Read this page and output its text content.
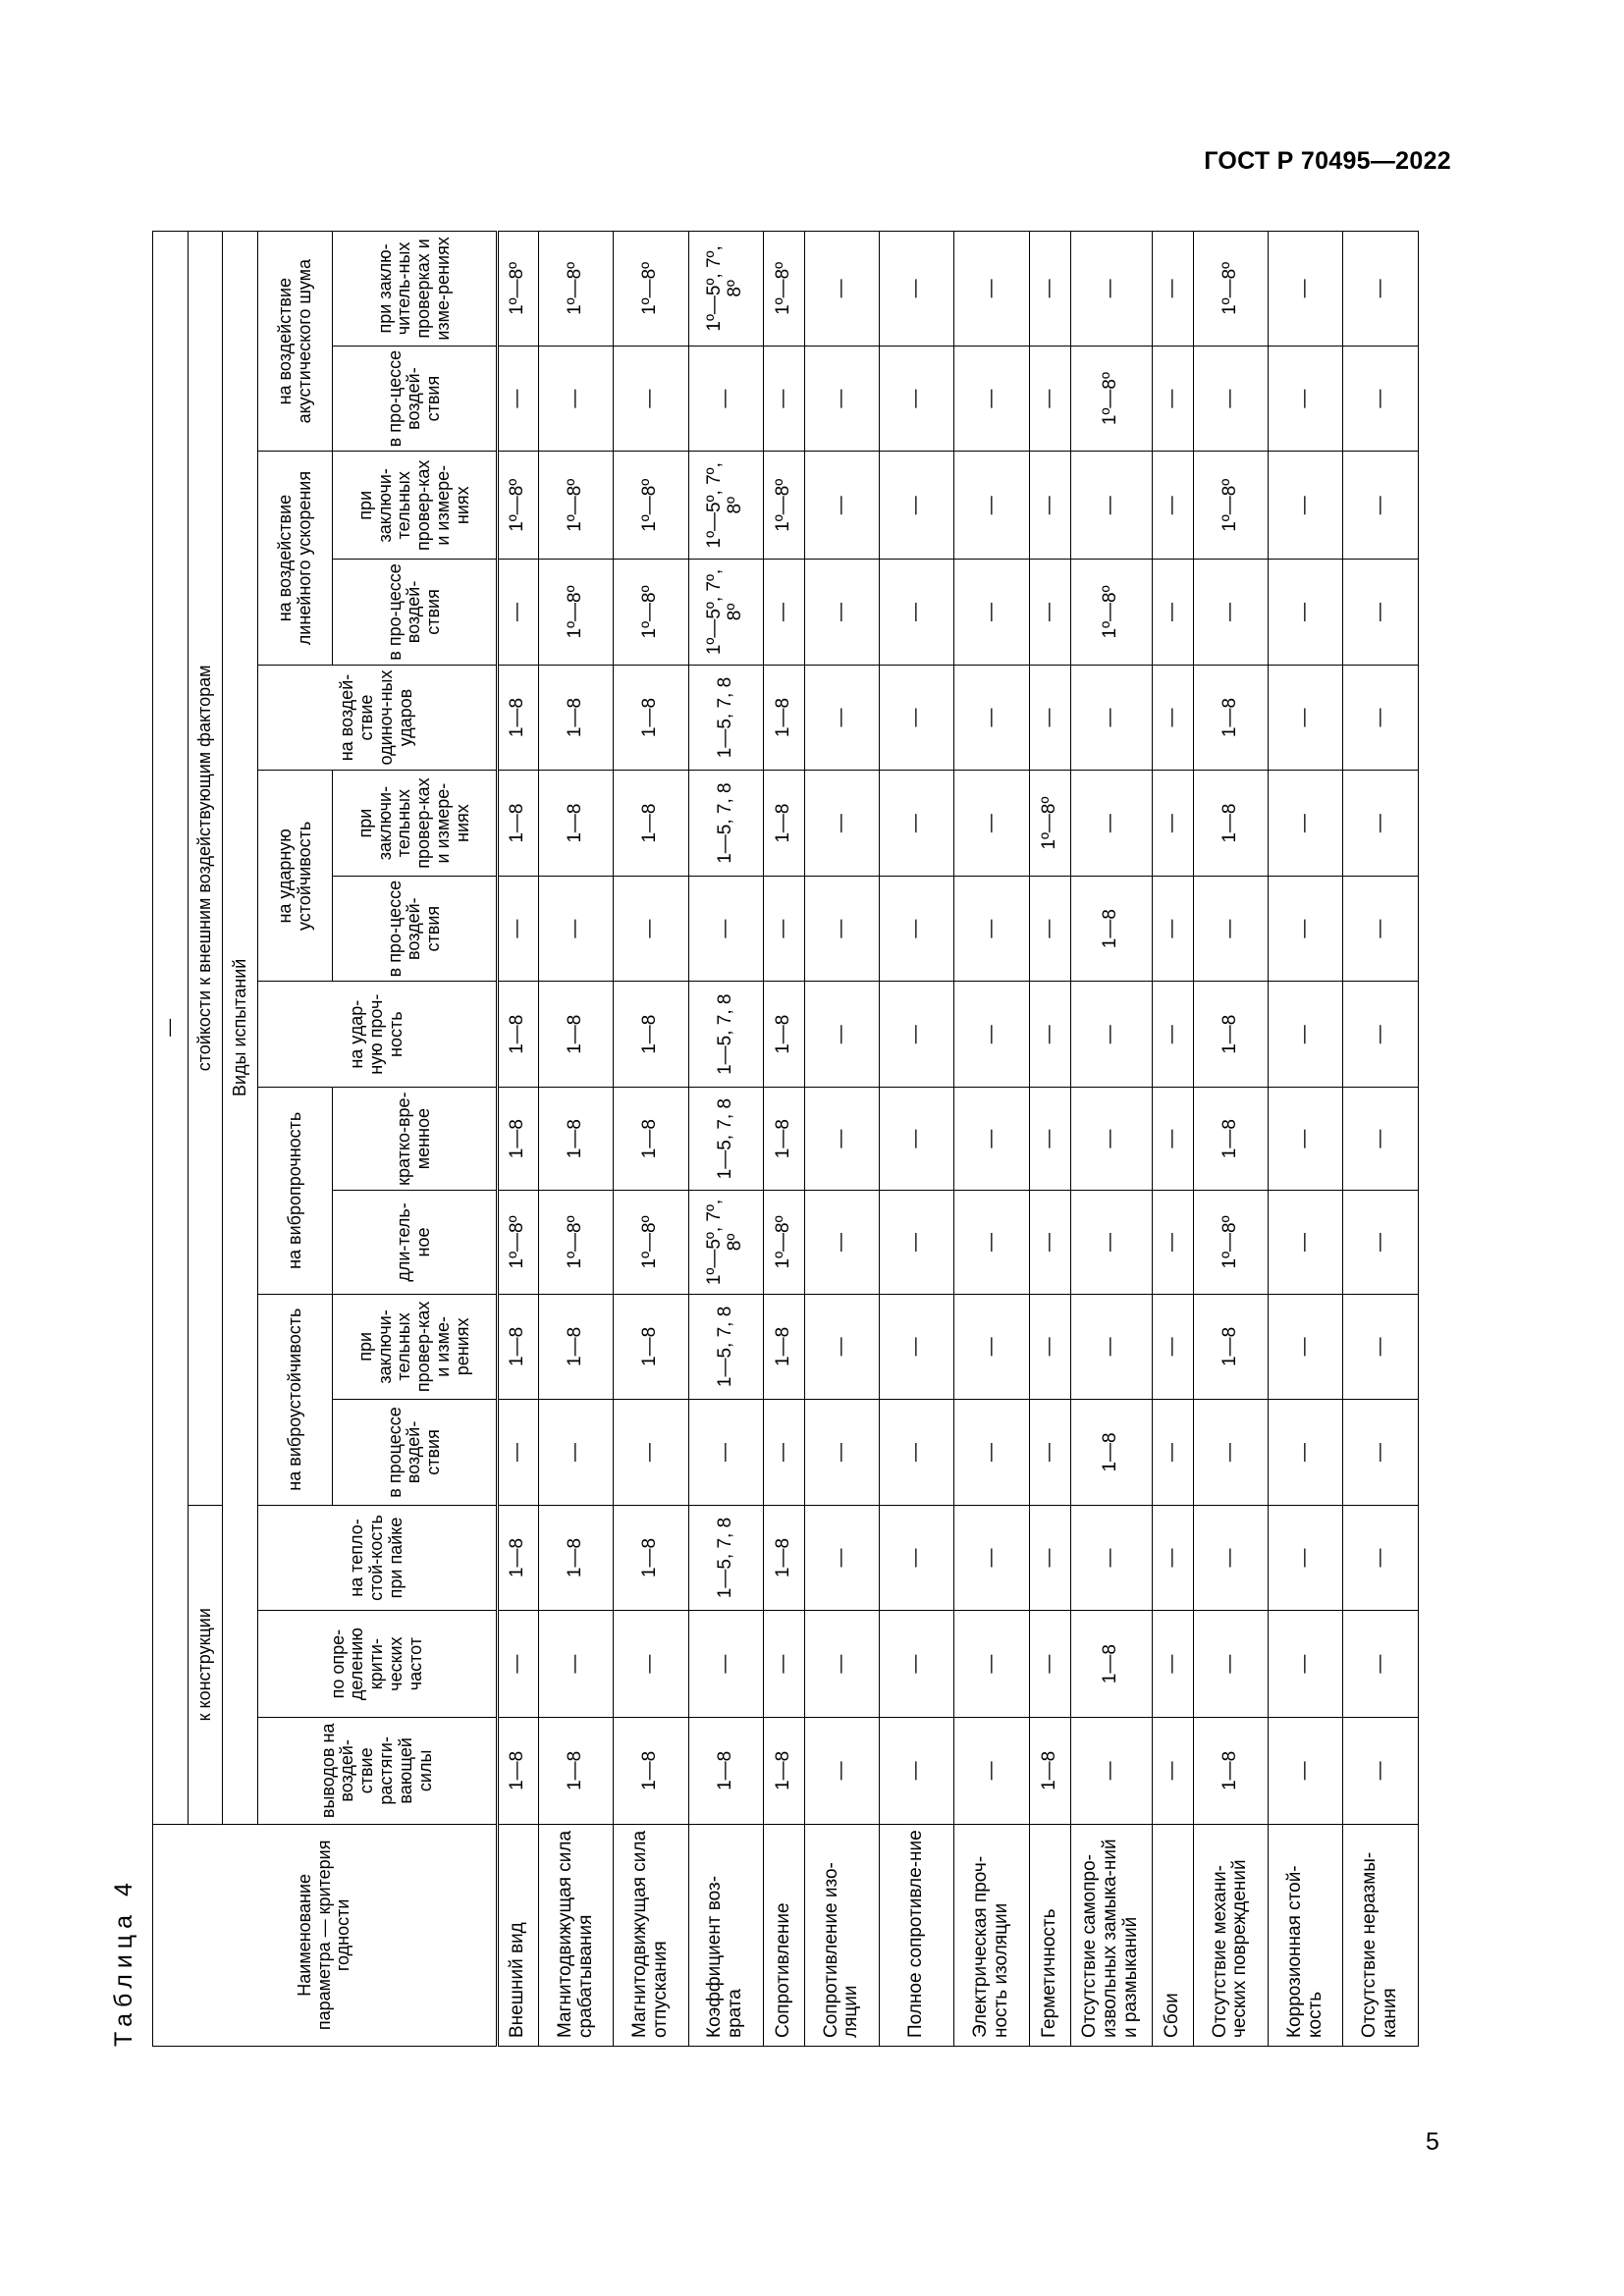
ГОСТ Р 70495—2022
Таблица 4	Наименование параметра — критерия годности	—														
	к конструкции			стойкости к внешним воздействующим факторам											
	Виды испытаний														
	выводов на воздей-ствие растяги-вающей силы	по опре-делению крити-ческих частот	на тепло-стой-кость при пайке	на виброустойчивость		на вибропрочность		на удар-ную проч-ность	на ударную устойчивость		на воздей-ствие одиноч-ных ударов	на воздействие линейного ускорения		на воздействие акустического шума	
				в процессе воздей-ствия	при заключи-тельных провер-ках и изме-рениях	дли-тель-ное	кратко-вре-менное		в про-цессе воздей-ствия	при заключи-тельных провер-ках и измере-ниях		в про-цессе воздей-ствия	при заключи-тельных провер-ках и измере-ниях	в про-цессе воздей-ствия	при заклю-читель-ных проверках и изме-рениях
Внешний вид	1—8	—	1—8	—	1—8	1º—8º	1—8	1—8	—	1—8	1—8	—	1º—8º	—	1º—8º
Магнитодвижущая сила срабатывания	1—8	—	1—8	—	1—8	1º—8º	1—8	1—8	—	1—8	1—8	1º—8º	1º—8º	—	1º—8º
Магнитодвижущая сила отпускания	1—8	—	1—8	—	1—8	1º—8º	1—8	1—8	—	1—8	1—8	1º—8º	1º—8º	—	1º—8º
Коэффициент воз-врата	1—8	—	1—5, 7, 8	—	1—5, 7, 8	1º—5º, 7º, 8º	1—5, 7, 8	1—5, 7, 8	—	1—5, 7, 8	1—5, 7, 8	1º—5º, 7º, 8º	1º—5º, 7º, 8º	—	1º—5º, 7º, 8º
Сопротивление	1—8	—	1—8	—	1—8	1º—8º	1—8	1—8	—	1—8	1—8	—	1º—8º	—	1º—8º
Сопротивление изо-ляции	—	—	—	—	—	—	—	—	—	—	—	—	—	—	—
Полное сопротивле-ние	—	—	—	—	—	—	—	—	—	—	—	—	—	—	—
Электрическая проч-ность изоляции	—	—	—	—	—	—	—	—	—	—	—	—	—	—	—
Герметичность	1—8	—	—	—	—	—	—	—	—	1º—8º	—	—	—	—	—
Отсутствие самопро-извольных замыка-ний и размыканий	—	1—8	—	1—8	—	—	—	—	1—8	—	—	1º—8º	—	1º—8º	—
Сбои	—	—	—	—	—	—	—	—	—	—	—	—	—	—	—
Отсутствие механи-ческих повреждений	1—8	—	—	—	1—8	1º—8º	1—8	1—8	—	1—8	1—8	—	1º—8º	—	1º—8º
Коррозионная стой-кость	—	—	—	—	—	—	—	—	—	—	—	—	—	—	—
Отсутствие неразмы-кания	—	—	—	—	—	—	—	—	—	—	—	—	—	—	—
5
